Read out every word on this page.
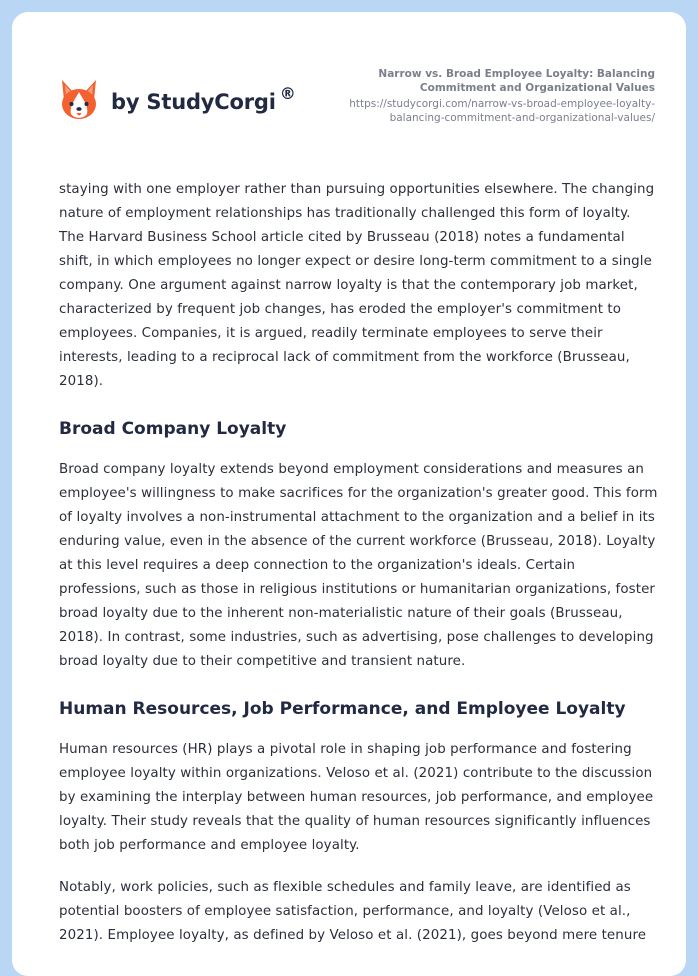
by StudyCorgi ®
Narrow vs. Broad Employee Loyalty: Balancing Commitment and Organizational Values
https://studycorgi.com/narrow-vs-broad-employee-loyalty-balancing-commitment-and-organizational-values/

staying with one employer rather than pursuing opportunities elsewhere. The changing nature of employment relationships has traditionally challenged this form of loyalty. The Harvard Business School article cited by Brusseau (2018) notes a fundamental shift, in which employees no longer expect or desire long-term commitment to a single company. One argument against narrow loyalty is that the contemporary job market, characterized by frequent job changes, has eroded the employer's commitment to employees. Companies, it is argued, readily terminate employees to serve their interests, leading to a reciprocal lack of commitment from the workforce (Brusseau, 2018).

Broad Company Loyalty

Broad company loyalty extends beyond employment considerations and measures an employee's willingness to make sacrifices for the organization's greater good. This form of loyalty involves a non-instrumental attachment to the organization and a belief in its enduring value, even in the absence of the current workforce (Brusseau, 2018). Loyalty at this level requires a deep connection to the organization's ideals. Certain professions, such as those in religious institutions or humanitarian organizations, foster broad loyalty due to the inherent non-materialistic nature of their goals (Brusseau, 2018). In contrast, some industries, such as advertising, pose challenges to developing broad loyalty due to their competitive and transient nature.

Human Resources, Job Performance, and Employee Loyalty

Human resources (HR) plays a pivotal role in shaping job performance and fostering employee loyalty within organizations. Veloso et al. (2021) contribute to the discussion by examining the interplay between human resources, job performance, and employee loyalty. Their study reveals that the quality of human resources significantly influences both job performance and employee loyalty.

Notably, work policies, such as flexible schedules and family leave, are identified as potential boosters of employee satisfaction, performance, and loyalty (Veloso et al., 2021). Employee loyalty, as defined by Veloso et al. (2021), goes beyond mere tenure
